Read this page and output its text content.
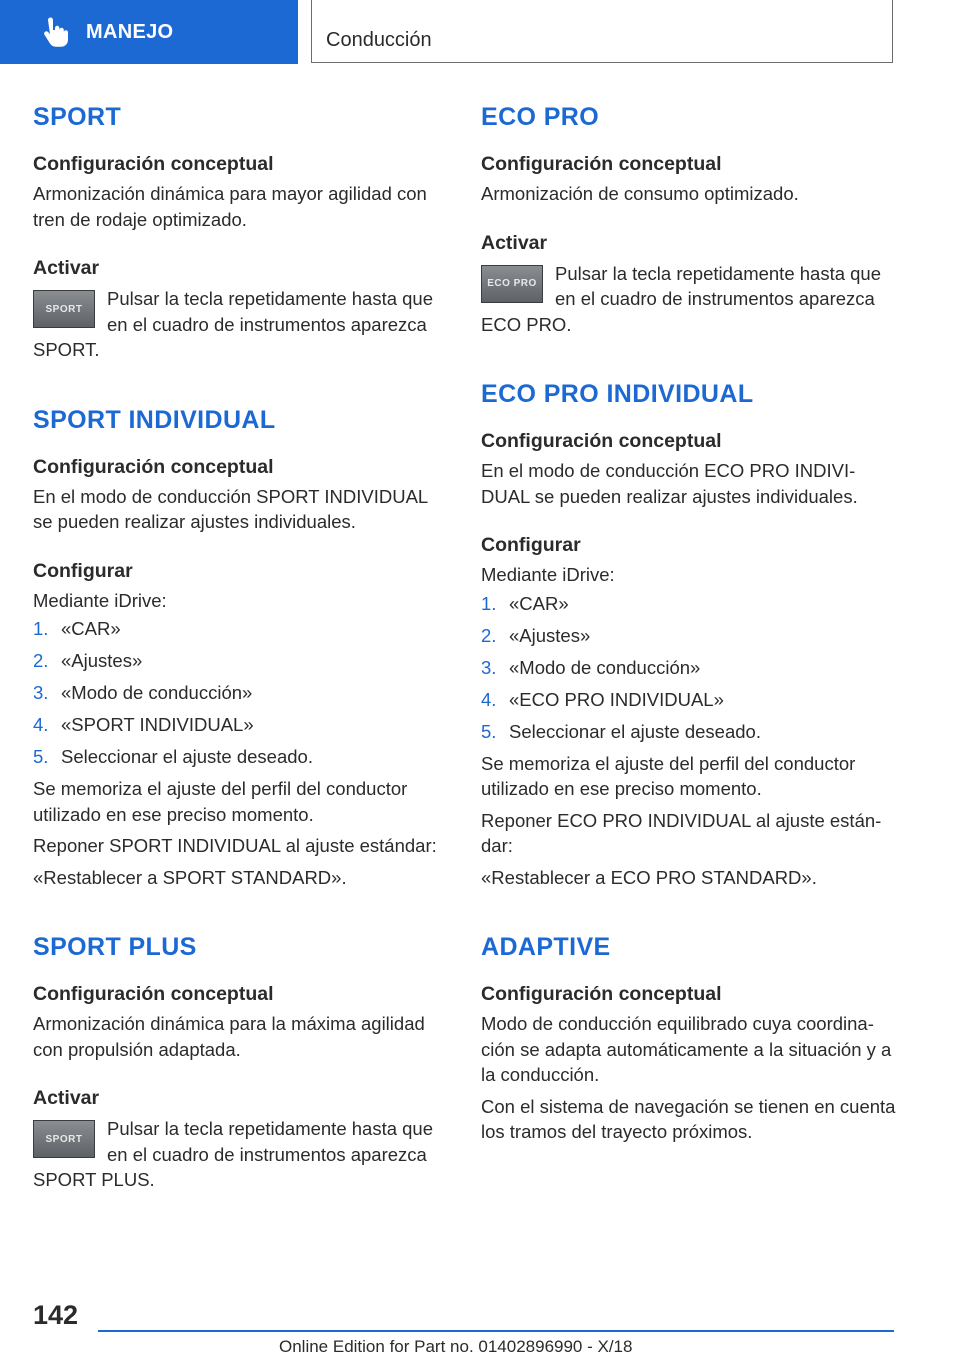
MANEJO	Conducción
SPORT
Configuración conceptual

Armonización dinámica para mayor agilidad con tren de rodaje optimizado.

Activar
SPORT	Pulsar la tecla repetidamente hasta que en el cuadro de instrumentos aparezca SPORT.

SPORT INDIVIDUAL
Configuración conceptual

En el modo de conducción SPORT INDIVIDUAL se pueden realizar ajustes individuales.

Configurar

Mediante iDrive:

1. «CAR»
2. «Ajustes»
3. «Modo de conducción»
4. «SPORT INDIVIDUAL»
5. Seleccionar el ajuste deseado.

Se memoriza el ajuste del perfil del conductor utilizado en ese preciso momento.

Reponer SPORT INDIVIDUAL al ajuste estándar:

«Restablecer a SPORT STANDARD».

SPORT PLUS
Configuración conceptual

Armonización dinámica para la máxima agilidad con propulsión adaptada.

Activar
SPORT	Pulsar la tecla repetidamente hasta que en el cuadro de instrumentos aparezca SPORT PLUS.

ECO PRO
Configuración conceptual

Armonización de consumo optimizado.

Activar
ECO PRO Pulsar la tecla repetidamente hasta que en el cuadro de instrumentos aparezca ECO PRO.

ECO PRO INDIVIDUAL
Configuración conceptual

En el modo de conducción ECO PRO INDIVIDUAL se pueden realizar ajustes individuales.

Configurar

Mediante iDrive:

1. «CAR»
2. «Ajustes»
3. «Modo de conducción»
4. «ECO PRO INDIVIDUAL»
5. Seleccionar el ajuste deseado.

Se memoriza el ajuste del perfil del conductor utilizado en ese preciso momento.

Reponer ECO PRO INDIVIDUAL al ajuste estándar:

«Restablecer a ECO PRO STANDARD».

ADAPTIVE
Configuración conceptual

Modo de conducción equilibrado cuya coordinación se adapta automáticamente a la situación y a la conducción.

Con el sistema de navegación se tienen en cuenta los tramos del trayecto próximos.

142
Online Edition for Part no. 01402896990 - X/18
